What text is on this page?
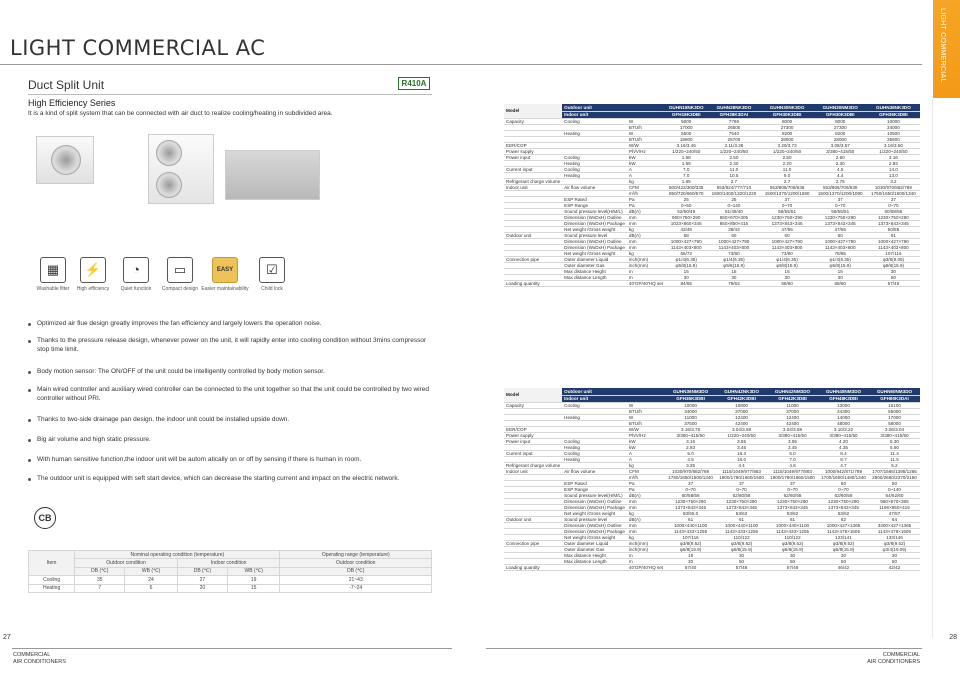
LIGHT COMMERCIAL AC	LIGHT COMMERCIAL
Duct Split Unit	R410A
High Efficiency Series
It is a kind of split system that can be connected with air duct to realize cooling/heating in subdivided area.
▦
Washable filter
⚡
High efficiency
◔
Quiet function
▭
Compact design
EASY
Easier maintainability
☑
Child lock
Optimized air flue design greatly improves the fan efficiency and largely lowers the operation noise.
Thanks to the pressure release design, whenever power on the unit, it will rapidly enter into cooling condition without 3mins compressor stop time limit.
Body motion sensor: The ON/OFF of the unit could be intelligently controlled by body motion sensor.
Main wired controller and auxiliary wired controller can be connected to the unit together so that the unit could be controlled by two wired controller without PRI.
Thanks to two-side drainage pan design, the indoor unit could be installed upside down.
Big air volume and high static pressure.
With human sensitive function,the indoor unit will be autom atically on or off by sensing if there is human in room.
The outdoor unit is equipped with seft start device, which can decrease the starting current and impact on the electric network.
CB
Item	Nominal operating condition (temperature)				Operating range (temperature)
	Outdoor condition		Indoor condition		Outdoor condition
	DB (℃)	WB (℃)	DB (℃)	WB (℃)	DB (℃)
Cooling	35	24	27	19	21~43
Heating	7	6	20	15	-7~24
Model	Outdoor unit		GUHN18NK3DO	GUHN28NK3DO	GUHN30NK3DO	GUHN30NM3DO	GUHN36NK3DO
	Indoor unit		GFH18K3DBI	GFH28K3DAI	GFH30K3DBI	GFH30K3DBI	GFH36K3DBI
Capacity	Cooling	W	5000	7765	8000	8000	10000
		BTU/h	17000	26500	27300	27300	34000
	Heating	W	5500	7540	8200	8200	10500
		BTU/h	18800	25700	28000	28000	35800
EER/COP		W/W	3.16/3.46	3.11/3.28	3.20/3.73	3.08/3.57	3.16/3.50
Power supply		Ph/V/Hz	1/220~240/50	1/220~240/50	1/220~240/50	3/380~415/50	1/220~240/50
Power input	Cooling	kW	1.58	2.50	2.50	2.60	3.16
	Heating	kW	1.59	2.30	2.20	2.30	2.93
Current input	Cooling	A	7.0	11.0	11.0	4.5	14.0
	Heating	A	7.0	10.5	9.0	4.4	13.0
Refrigerant charge volume		kg	1.65	2.7	2.7	2.75	3.2
Indoor unit	Air flow volume	CFM	500/423/300/335	553/824/777/710	553/806/706/636	553/806/706/636	1030/970/882/789
		m³/h	850/720/660/570	1500/1400/1320/1220	1500/1370/1200/1080	1500/1370/1200/1080	1750/1650/1500/1340
	ESP Rated	Pa	25	25	37	37	37
	ESP Range	Pa	0~50	0~140	0~70	0~70	0~70
	Sound pressure level(H/M/L)	dB(A)	52/50/49	51/49/40	58/55/51	58/55/51	60/58/56
	Dimension (WxDxH) Outline	mm	900×750×290	650×670×305	1230×750×290	1230×750×290	1230×750×290
	Dimension (WxDxH) Package	mm	1023×860×345	850×850×415	1373×843×345	1373×843×345	1373×843×345
	Net weight /Gross weight	kg	43/48	38/43	47/55	47/55	50/55
Outdoor unit	Sound pressure level	dB(A)	58	60	60	60	61
	Dimension (WxDxH) Outline	mm	1000×427×790	1000×427×790	1000×427×790	1000×427×790	1000×427×790
	Dimension (WxDxH) Package	mm	1143×403×800	1143×403×800	1143×403×800	1143×403×800	1143×403×800
	Net weight /Gross weight	kg	65/72	73/80	73/80	78/85	107/116
Connection pipe	Outer diameter Liquid	inch(mm)	φ1/4(6.35)	φ1/4(6.35)	φ1/4(6.35)	φ1/4(6.35)	φ3/8(9.05)
	Outer diameter Gas	inch(mm)	φ5/8(15.9)	φ5/8(15.9)	φ5/8(15.9)	φ5/8(15.9)	φ5/8(15.9)
	Max distance Height	m	15	15	15	15	30
	Max distance Length	m	30	30	30	30	50
Loading quantity		40'GP/40'HQ set	84/65	79/63	69/60	69/60	57/48
Model	Outdoor unit		GUHN36NM3DO	GUHN42NK3DO	GUHN42NM3DO	GUHN48NM3DO	GUHN60NM3DO
	Indoor unit		GFH36K3DBI	GFH42K3DBI	GFH42K3DBI	GFH48K3DBI	GFH60K3DAI
Capacity	Cooling	W	10000	10800	11000	13000	16100
		BTU/h	34000	37000	37000	44300	55000
	Heating	W	11000	12400	12400	14000	17000
		BTU/h	37500	42400	42400	48000	58000
EER/COP		W/W	3.16/3.75	3.04/3.59	3.04/3.59	3.10/3.22	3.06/3.04
Power supply		Ph/V/Hz	3/380~415/50	1/220~240/50	3/380~415/50	3/380~415/50	3/380~415/50
Power input	Cooling	kW	3.16	3.55	3.55	4.20	5.30
	Heating	kW	2.93	3.45	3.45	4.35	5.60
Current input	Cooling	A	5.0	16.3	6.0	8.4	11.4
	Heating	A	4.5	16.0	7.0	8.7	11.5
Refrigerant charge volume		kg	3.35	4.4	4.6	4.7	5.2
Indoor unit	Air flow volume	CFM	1030/970/882/789	1118/1049/977/883	1118/1049/977/883	1000/942/871/789	1707/1565/1395/1265
		m³/h	1750/1650/1500/1340	1900/1780/1660/1500	1900/1780/1660/1500	1700/1600/1480/1340	2900/2660/2370/2150
	ESP Rated	Pa	37	37	37	50	50
	ESP Range	Pa	0~70	0~70	0~70	0~70	0~140
	Sound pressure level(H/M/L)	dB(A)	60/58/56	62/60/58	62/60/58	62/60/58	64/62/60
	Dimension (WxDxH) Outline	mm	1230×750×290	1230×750×290	1230×750×290	1230×750×290	980×870×385
	Dimension (WxDxH) Package	mm	1373×843×345	1373×843×345	1373×843×345	1373×843×345	1166×950×415
	Net weight /Gross weight	kg	50/55.0	53/62	53/62	53/62	47/57
Outdoor unit	Sound pressure level	dB(A)	61	61	61	62	64
	Dimension (WxDxH) Outline	mm	1000×440×1100	1000×440×1100	1000×440×1100	1000×427×1365	3300×427×1365
	Dimension (WxDxH) Package	mm	1143×433×1255	1143×433×1255	1143×433×1255	1143×478×1505	1143×478×1505
	Net weight /Gross weight	kg	107/116	110/122	110/122	123/141	133/146
Connection pipe	Outer diameter Liquid	inch(mm)	φ3/8(9.52)	φ3/8(9.52)	φ3/8(9.52)	φ3/8(9.52)	φ3/8(9.52)
	Outer diameter Gas	inch(mm)	φ5/8(15.9)	φ5/8(15.9)	φ5/8(15.9)	φ5/8(15.9)	φ3/4(19.05)
	Max distance Height	m	15	30	30	30	30
	Max distance Length	m	30	50	50	50	50
Loading quantity		40'GP/40'HQ set	57/40	57/48	57/48	46/42	42/42
27	28
COMMERCIAL
AIR CONDITIONERS
COMMERCIAL
AIR CONDITIONERS
